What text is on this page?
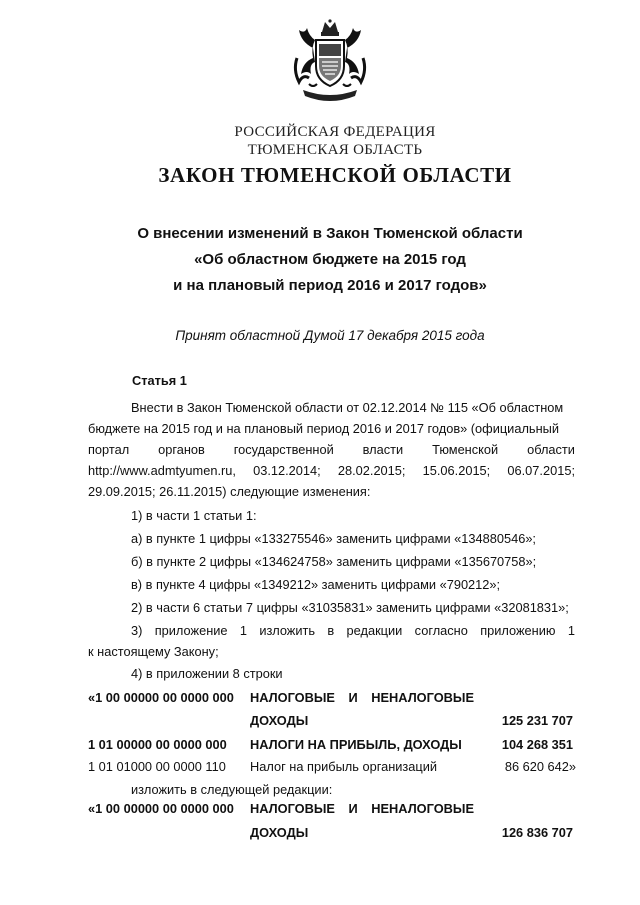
РОССИЙСКАЯ ФЕДЕРАЦИЯ
ТЮМЕНСКАЯ ОБЛАСТЬ
ЗАКОН ТЮМЕНСКОЙ ОБЛАСТИ
О внесении изменений в Закон Тюменской области
«Об областном бюджете на 2015 год
и на плановый период 2016 и 2017 годов»
Принят областной Думой 17 декабря 2015 года
Статья 1
Внести в Закон Тюменской области от 02.12.2014 № 115 «Об областном
бюджете на 2015 год и на плановый период 2016 и 2017 годов» (официальный
портал органов государственной власти Тюменской области
http://www.admtyumen.ru, 03.12.2014; 28.02.2015; 15.06.2015; 06.07.2015;
29.09.2015; 26.11.2015) следующие изменения:
1) в части 1 статьи 1:
а) в пункте 1 цифры «133275546» заменить цифрами «134880546»;
б) в пункте 2 цифры «134624758» заменить цифрами «135670758»;
в) в пункте 4 цифры «1349212» заменить цифрами «790212»;
2) в части 6 статьи 7 цифры «31035831» заменить цифрами «32081831»;
3) приложение 1 изложить в редакции согласно приложению 1
к настоящему Закону;
4) в приложении 8 строки
«1 00 00000 00 0000 000 НАЛОГОВЫЕ И НЕНАЛОГОВЫЕ
ДОХОДЫ	125 231 707
1 01 00000 00 0000 000 НАЛОГИ НА ПРИБЫЛЬ, ДОХОДЫ	104 268 351
1 01 01000 00 0000 110 Налог на прибыль организаций	86 620 642»
изложить в следующей редакции:
«1 00 00000 00 0000 000 НАЛОГОВЫЕ И НЕНАЛОГОВЫЕ
ДОХОДЫ	126 836 707
